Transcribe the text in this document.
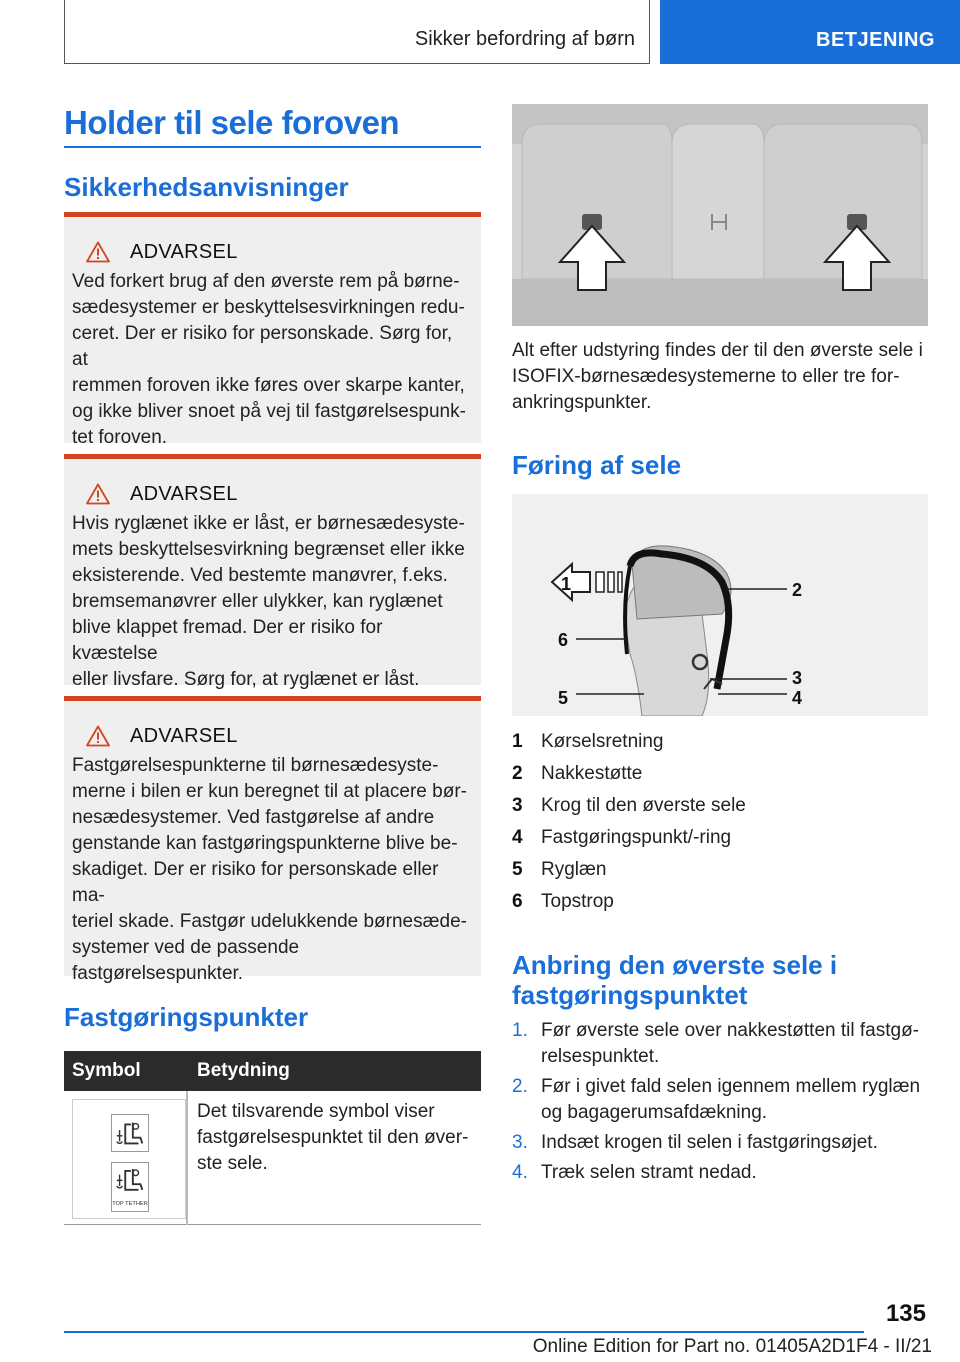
Sikker befordring af børn	BETJENING
Holder til sele foroven
Sikkerhedsanvisninger
ADVARSEL
Ved forkert brug af den øverste rem på børne-
sædesystemer er beskyttelsesvirkningen redu-
ceret. Der er risiko for personskade. Sørg for, at
remmen foroven ikke føres over skarpe kanter,
og ikke bliver snoet på vej til fastgørelsespunk-
tet foroven.
ADVARSEL
Hvis ryglænet ikke er låst, er børnesædesyste-
mets beskyttelsesvirkning begrænset eller ikke
eksisterende. Ved bestemte manøvrer, f.eks.
bremsemanøvrer eller ulykker, kan ryglænet
blive klappet fremad. Der er risiko for kvæstelse
eller livsfare. Sørg for, at ryglænet er låst.
ADVARSEL
Fastgørelsespunkterne til børnesædesyste-
merne i bilen er kun beregnet til at placere bør-
nesædesystemer. Ved fastgørelse af andre
genstande kan fastgøringspunkterne blive be-
skadiget. Der er risiko for personskade eller ma-
teriel skade. Fastgør udelukkende børnesæde-
systemer ved de passende
fastgørelsespunkter.
Fastgøringspunkter
Symbol	Betydning
TOP TETHER
Det tilsvarende symbol viser
fastgørelsespunktet til den øver-
ste sele.
Alt efter udstyring findes der til den øverste sele i
ISOFIX-børnesædesystemerne to eller tre for-
ankringspunkter.
Føring af sele
1	2
3
4
5
6
1 Kørselsretning
2 Nakkestøtte
3 Krog til den øverste sele
4 Fastgøringspunkt/-ring
5 Ryglæn
6 Topstrop
Anbring den øverste sele i
fastgøringspunktet
1. Før øverste sele over nakkestøtten til fastgø-
relsespunktet.
2. Før i givet fald selen igennem mellem ryglæn
og bagagerumsafdækning.
3. Indsæt krogen til selen i fastgøringsøjet.
4. Træk selen stramt nedad.
135
Online Edition for Part no. 01405A2D1F4 - II/21
